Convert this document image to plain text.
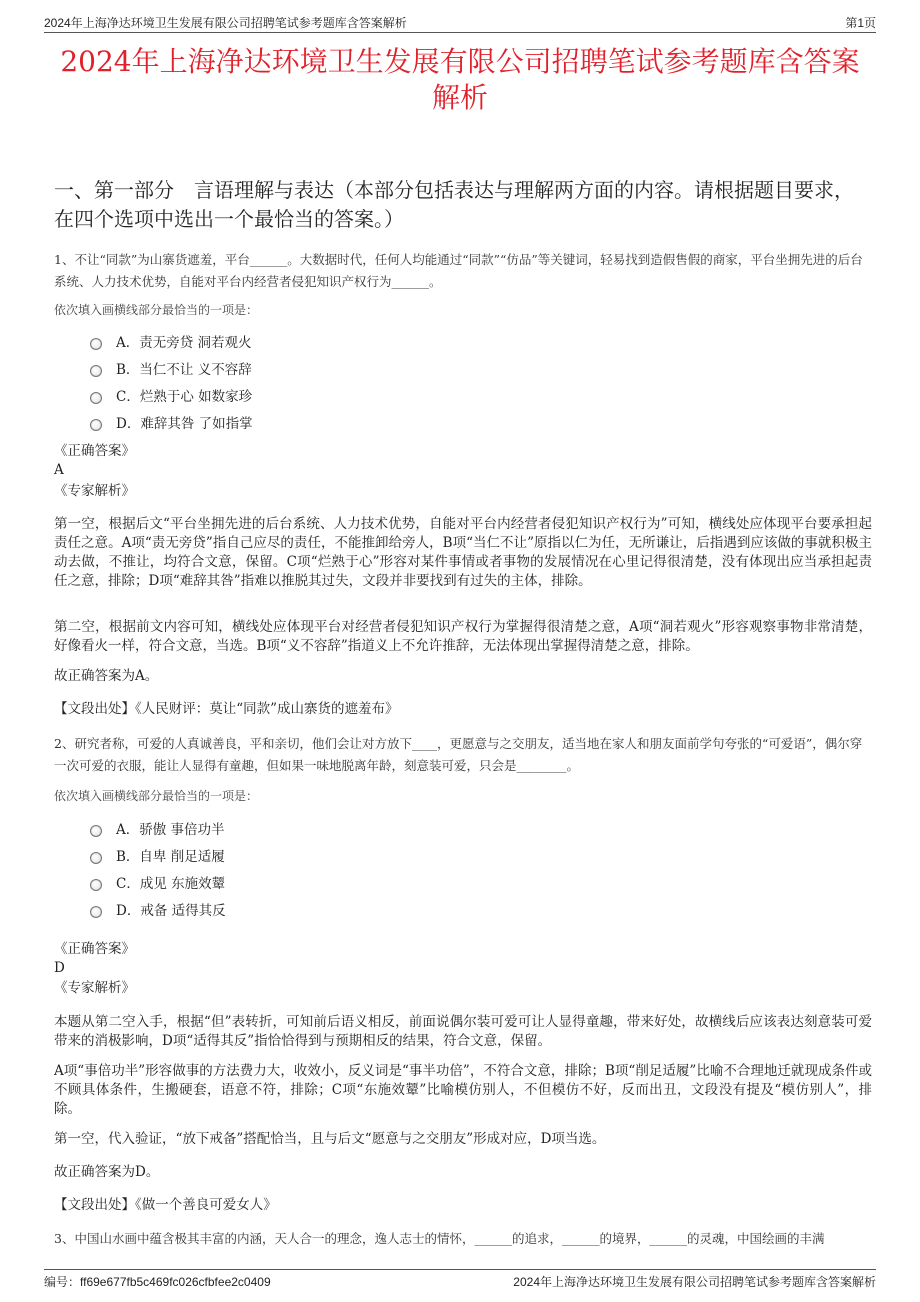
2024年上海净达环境卫生发展有限公司招聘笔试参考题库含答案解析	第1页
2024年上海净达环境卫生发展有限公司招聘笔试参考题库含答案解析
一、第一部分　言语理解与表达（本部分包括表达与理解两方面的内容。请根据题目要求，在四个选项中选出一个最恰当的答案。）

1、不让“同款”为山寨货遮羞，平台______。大数据时代，任何人均能通过“同款”“仿品”等关键词，轻易找到造假售假的商家，平台坐拥先进的后台系统、人力技术优势，自能对平台内经营者侵犯知识产权行为______。

依次填入画横线部分最恰当的一项是：

A．责无旁贷 洞若观火
B．当仁不让 义不容辞
C．烂熟于心 如数家珍
D．难辞其咎 了如指掌
《正确答案》
A
《专家解析》

第一空，根据后文“平台坐拥先进的后台系统、人力技术优势，自能对平台内经营者侵犯知识产权行为”可知，横线处应体现平台要承担起责任之意。A项“责无旁贷”指自己应尽的责任，不能推卸给旁人，B项“当仁不让”原指以仁为任，无所谦让，后指遇到应该做的事就积极主动去做，不推让，均符合文意，保留。C项“烂熟于心”形容对某件事情或者事物的发展情况在心里记得很清楚，没有体现出应当承担起责任之意，排除；D项“难辞其咎”指难以推脱其过失，文段并非要找到有过失的主体，排除。

第二空，根据前文内容可知，横线处应体现平台对经营者侵犯知识产权行为掌握得很清楚之意，A项“洞若观火”形容观察事物非常清楚，好像看火一样，符合文意，当选。B项“义不容辞”指道义上不允许推辞，无法体现出掌握得清楚之意，排除。

故正确答案为A。

【文段出处】《人民财评：莫让“同款”成山寨货的遮羞布》

2、研究者称，可爱的人真诚善良，平和亲切，他们会让对方放下____，更愿意与之交朋友，适当地在家人和朋友面前学句夸张的“可爱语”，偶尔穿一次可爱的衣服，能让人显得有童趣，但如果一味地脱离年龄，刻意装可爱，只会是________。

依次填入画横线部分最恰当的一项是：

A．骄傲 事倍功半
B．自卑 削足适履
C．成见 东施效颦
D．戒备 适得其反
《正确答案》
D
《专家解析》

本题从第二空入手，根据“但”表转折，可知前后语义相反，前面说偶尔装可爱可让人显得童趣，带来好处，故横线后应该表达刻意装可爱带来的消极影响，D项“适得其反”指恰恰得到与预期相反的结果，符合文意，保留。

A项“事倍功半”形容做事的方法费力大，收效小，反义词是“事半功倍”，不符合文意，排除；B项“削足适履”比喻不合理地迁就现成条件或不顾具体条件，生搬硬套，语意不符，排除；C项“东施效颦”比喻模仿别人，不但模仿不好，反而出丑，文段没有提及“模仿别人”，排除。

第一空，代入验证，“放下戒备”搭配恰当，且与后文“愿意与之交朋友”形成对应，D项当选。

故正确答案为D。

【文段出处】《做一个善良可爱女人》

3、中国山水画中蕴含极其丰富的内涵，天人合一的理念，逸人志士的情怀，______的追求，______的境界，______的灵魂，中国绘画的丰满

编号：ff69e677fb5c469fc026cfbfee2c0409	2024年上海净达环境卫生发展有限公司招聘笔试参考题库含答案解析
